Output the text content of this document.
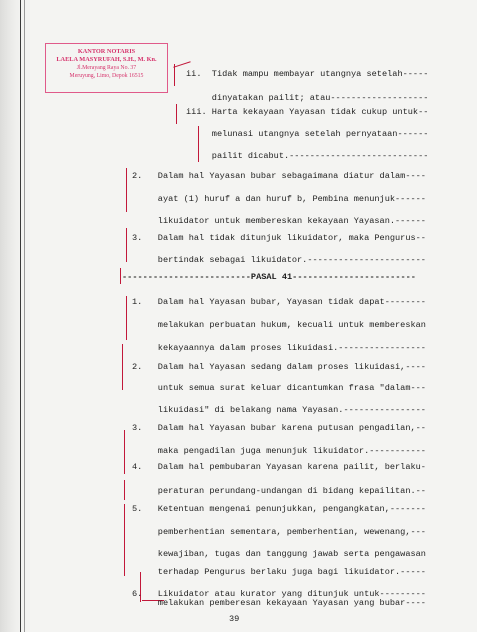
KANTOR NOTARIS
LAELA MASYRUFAH, S.H., M. Kn.
Jl.Merayang Raya No. 37
Meruyung, Limo, Depok 16515	ii.  Tidak mampu membayar utangnya setelah-----
dinyatakan pailit; atau-------------------
iii. Harta kekayaan Yayasan tidak cukup untuk--
melunasi utangnya setelah pernyataan------
pailit dicabut.---------------------------
2.   Dalam hal Yayasan bubar sebagaimana diatur dalam----
ayat (1) huruf a dan huruf b, Pembina menunjuk------
likuidator untuk membereskan kekayaan Yayasan.------
3.   Dalam hal tidak ditunjuk likuidator, maka Pengurus--
bertindak sebagai likuidator.-----------------------
-------------------------PASAL 41------------------------
1.   Dalam hal Yayasan bubar, Yayasan tidak dapat--------
melakukan perbuatan hukum, kecuali untuk membereskan
kekayaannya dalam proses likuidasi.-----------------
2.   Dalam hal Yayasan sedang dalam proses likuidasi,----
untuk semua surat keluar dicantumkan frasa "dalam---
likuidasi" di belakang nama Yayasan.----------------
3.   Dalam hal Yayasan bubar karena putusan pengadilan,--
maka pengadilan juga menunjuk likuidator.-----------
4.   Dalam hal pembubaran Yayasan karena pailit, berlaku-
peraturan perundang-undangan di bidang kepailitan.--
5.   Ketentuan mengenai penunjukkan, pengangkatan,-------
pemberhentian sementara, pemberhentian, wewenang,---
kewajiban, tugas dan tanggung jawab serta pengawasan
terhadap Pengurus berlaku juga bagi likuidator.-----
6.   Likuidator atau kurator yang ditunjuk untuk---------
melakukan pemberesan kekayaan Yayasan yang bubar----
39
